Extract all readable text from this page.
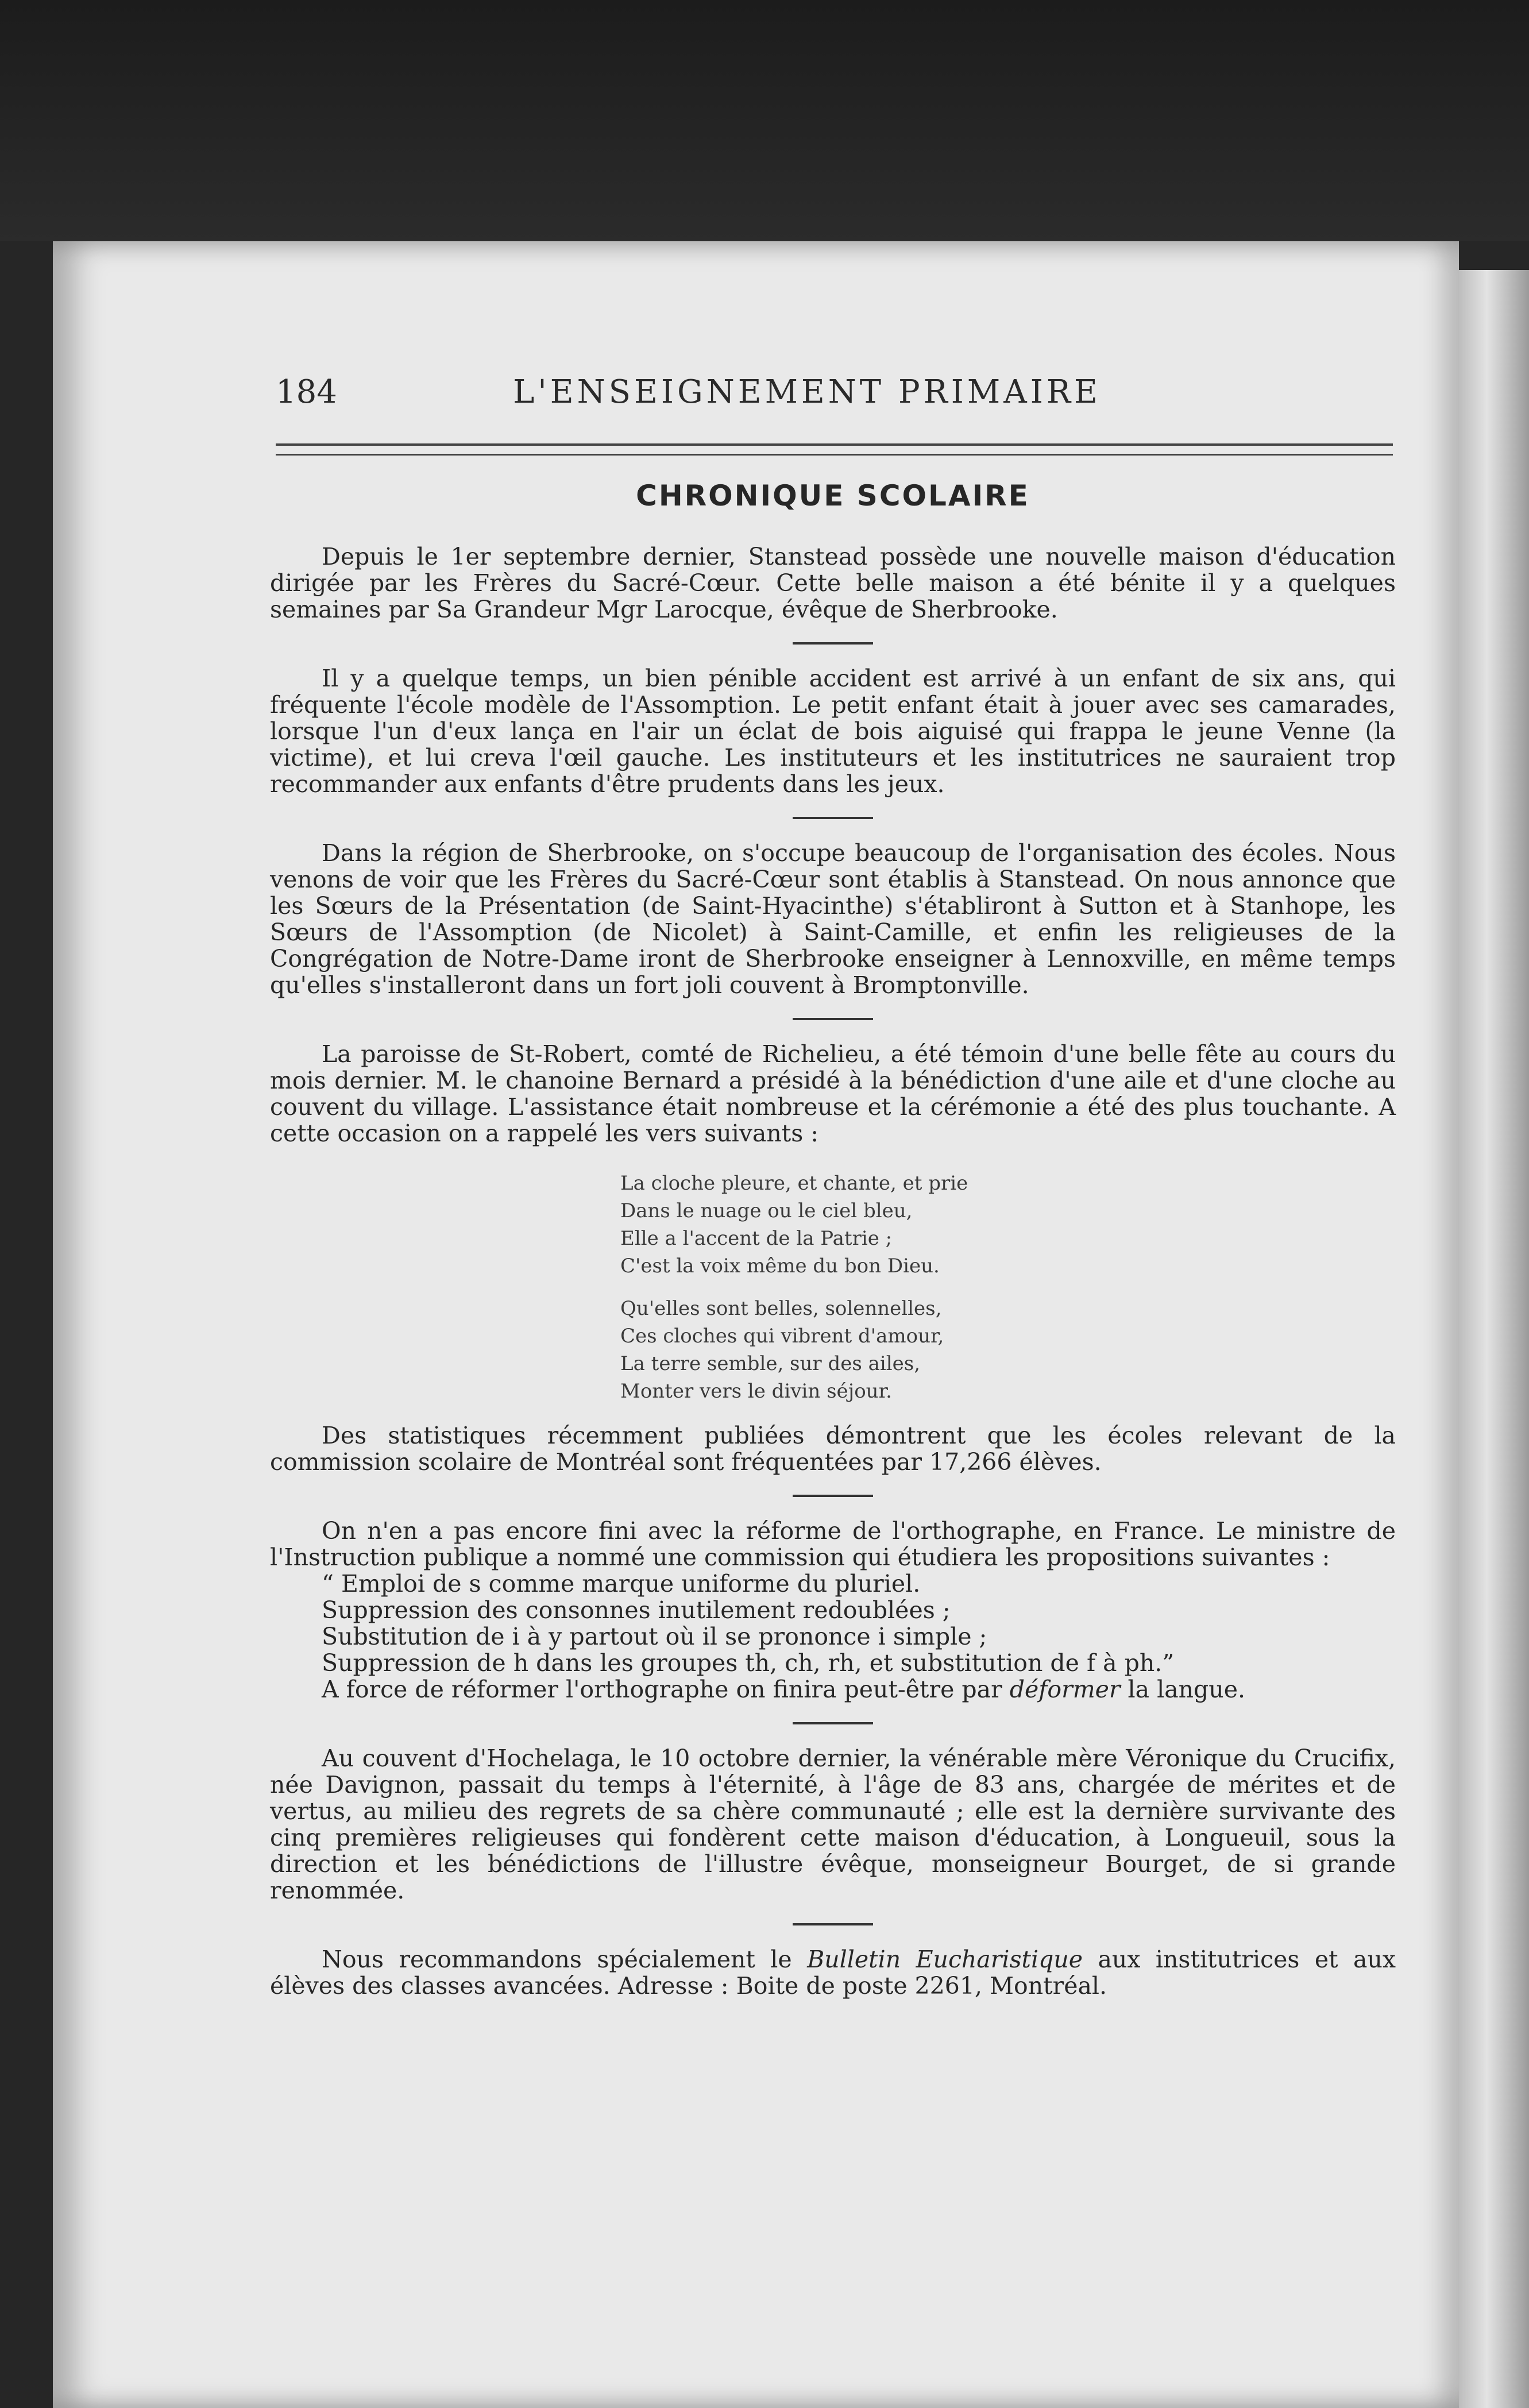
184	L'ENSEIGNEMENT PRIMAIRE
CHRONIQUE SCOLAIRE

Depuis le 1er septembre dernier, Stanstead possède une nouvelle maison d'éducation dirigée par les Frères du Sacré-Cœur. Cette belle maison a été bénite il y a quelques semaines par Sa Grandeur Mgr Larocque, évêque de Sherbrooke.

Il y a quelque temps, un bien pénible accident est arrivé à un enfant de six ans, qui fréquente l'école modèle de l'Assomption. Le petit enfant était à jouer avec ses camarades, lorsque l'un d'eux lança en l'air un éclat de bois aiguisé qui frappa le jeune Venne (la victime), et lui creva l'œil gauche. Les instituteurs et les institutrices ne sauraient trop recommander aux enfants d'être prudents dans les jeux.

Dans la région de Sherbrooke, on s'occupe beaucoup de l'organisation des écoles. Nous venons de voir que les Frères du Sacré-Cœur sont établis à Stanstead. On nous annonce que les Sœurs de la Présentation (de Saint-Hyacinthe) s'établiront à Sutton et à Stanhope, les Sœurs de l'Assomption (de Nicolet) à Saint-Camille, et enfin les religieuses de la Congrégation de Notre-Dame iront de Sherbrooke enseigner à Lennoxville, en même temps qu'elles s'installeront dans un fort joli couvent à Bromptonville.

La paroisse de St-Robert, comté de Richelieu, a été témoin d'une belle fête au cours du mois dernier. M. le chanoine Bernard a présidé à la bénédiction d'une aile et d'une cloche au couvent du village. L'assistance était nombreuse et la cérémonie a été des plus touchante. A cette occasion on a rappelé les vers suivants :

La cloche pleure, et chante, et prie
Dans le nuage ou le ciel bleu,
Elle a l'accent de la Patrie ;
C'est la voix même du bon Dieu.
Qu'elles sont belles, solennelles,
Ces cloches qui vibrent d'amour,
La terre semble, sur des ailes,
Monter vers le divin séjour.

Des statistiques récemment publiées démontrent que les écoles relevant de la commission scolaire de Montréal sont fréquentées par 17,266 élèves.

On n'en a pas encore fini avec la réforme de l'orthographe, en France. Le ministre de l'Instruction publique a nommé une commission qui étudiera les propositions suivantes :

“ Emploi de s comme marque uniforme du pluriel.
Suppression des consonnes inutilement redoublées ;
Substitution de i à y partout où il se prononce i simple ;
Suppression de h dans les groupes th, ch, rh, et substitution de f à ph.”
A force de réformer l'orthographe on finira peut-être par déformer la langue.

Au couvent d'Hochelaga, le 10 octobre dernier, la vénérable mère Véronique du Crucifix, née Davignon, passait du temps à l'éternité, à l'âge de 83 ans, chargée de mérites et de vertus, au milieu des regrets de sa chère communauté ; elle est la dernière survivante des cinq premières religieuses qui fondèrent cette maison d'éducation, à Longueuil, sous la direction et les bénédictions de l'illustre évêque, monseigneur Bourget, de si grande renommée.

Nous recommandons spécialement le Bulletin Eucharistique aux institutrices et aux élèves des classes avancées. Adresse : Boite de poste 2261, Montréal.
